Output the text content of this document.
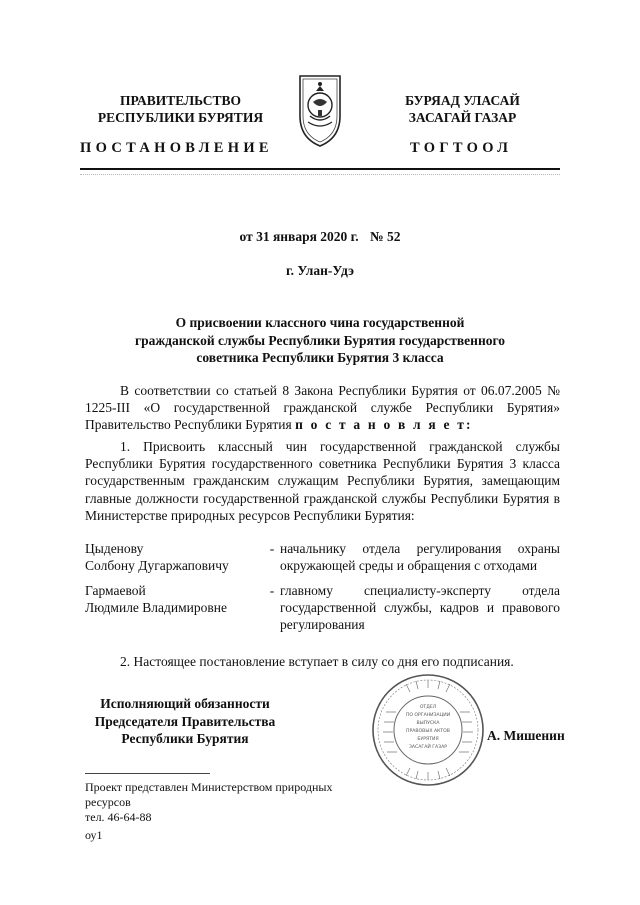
ПРАВИТЕЛЬСТВО
РЕСПУБЛИКИ БУРЯТИЯ
БУРЯАД УЛАСАЙ
ЗАСАГАЙ ГАЗАР
ПОСТАНОВЛЕНИЕ	ТОГТООЛ
от 31 января 2020 г. № 52
г. Улан-Удэ
О присвоении классного чина государственной
гражданской службы Республики Бурятия государственного
советника Республики Бурятия 3 класса
В соответствии со статьей 8 Закона Республики Бурятия от 06.07.2005 № 1225-III «О государственной гражданской службе Республики Бурятия» Правительство Республики Бурятия п о с т а н о в л я е т:
1. Присвоить классный чин государственной гражданской службы Республики Бурятия государственного советника Республики Бурятия 3 класса государственным гражданским служащим Республики Бурятия, замещающим главные должности государственной гражданской службы Республики Бурятия в Министерстве природных ресурсов Республики Бурятия:
Цыденову
Солбону Дугаржаповичу
- начальнику отдела регулирования охраны окружающей среды и обращения с отходами
Гармаевой
Людмиле Владимировне
- главному специалисту-эксперту отдела государственной службы, кадров и правового регулирования
2. Настоящее постановление вступает в силу со дня его подписания.
Исполняющий обязанности
Председателя Правительства
Республики Бурятия
ОТДЕЛ
ПО ОРГАНИЗАЦИИ
ВЫПУСКА
ПРАВОВЫХ АКТОВ
БУРЯТИЯ
ЗАСАГАЙ ГАЗАР
А. Мишенин
Проект представлен Министерством природных
ресурсов
тел. 46-64-88
оу1
